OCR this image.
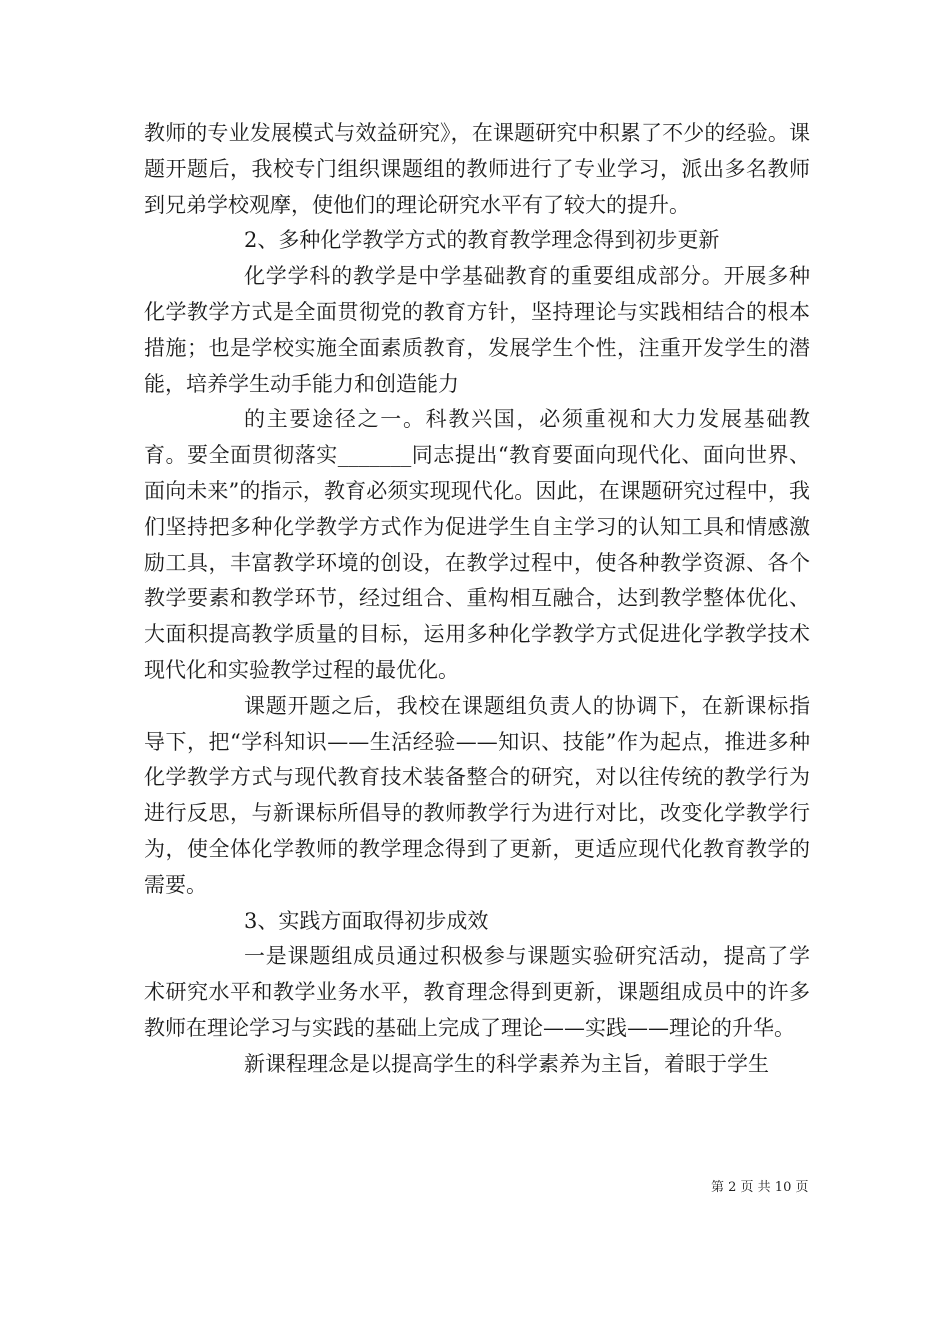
教师的专业发展模式与效益研究》，在课题研究中积累了不少的经验。课题开题后，我校专门组织课题组的教师进行了专业学习，派出多名教师到兄弟学校观摩，使他们的理论研究水平有了较大的提升。

2、多种化学教学方式的教育教学理念得到初步更新

化学学科的教学是中学基础教育的重要组成部分。开展多种化学教学方式是全面贯彻党的教育方针，坚持理论与实践相结合的根本措施；也是学校实施全面素质教育，发展学生个性，注重开发学生的潜能，培养学生动手能力和创造能力

的主要途径之一。科教兴国，必须重视和大力发展基础教育。要全面贯彻落实_______同志提出“教育要面向现代化、面向世界、面向未来”的指示，教育必须实现现代化。因此，在课题研究过程中，我们坚持把多种化学教学方式作为促进学生自主学习的认知工具和情感激励工具，丰富教学环境的创设，在教学过程中，使各种教学资源、各个教学要素和教学环节，经过组合、重构相互融合，达到教学整体优化、大面积提高教学质量的目标，运用多种化学教学方式促进化学教学技术现代化和实验教学过程的最优化。

课题开题之后，我校在课题组负责人的协调下，在新课标指导下，把“学科知识——生活经验——知识、技能”作为起点，推进多种化学教学方式与现代教育技术装备整合的研究，对以往传统的教学行为进行反思，与新课标所倡导的教师教学行为进行对比，改变化学教学行为，使全体化学教师的教学理念得到了更新，更适应现代化教育教学的需要。

3、实践方面取得初步成效

一是课题组成员通过积极参与课题实验研究活动，提高了学术研究水平和教学业务水平，教育理念得到更新，课题组成员中的许多教师在理论学习与实践的基础上完成了理论——实践——理论的升华。

新课程理念是以提高学生的科学素养为主旨，着眼于学生

第 2 页 共 10 页
